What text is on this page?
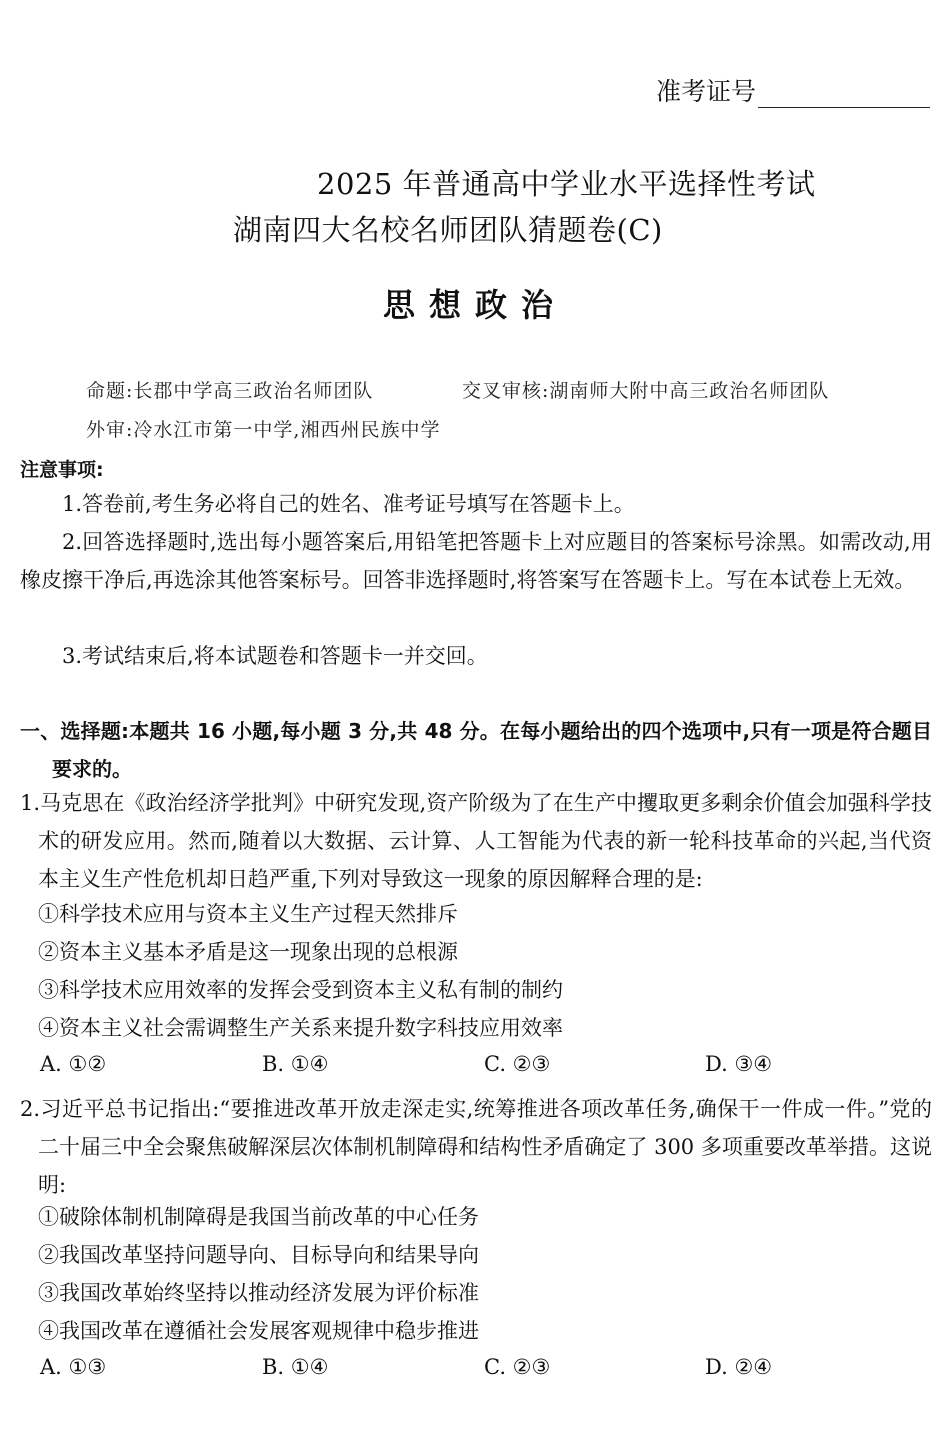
准考证号
2025 年普通高中学业水平选择性考试
湖南四大名校名师团队猜题卷(C)
思想政治
命题:长郡中学高三政治名师团队	交叉审核:湖南师大附中高三政治名师团队
外审:冷水江市第一中学,湘西州民族中学
注意事项:
1.答卷前,考生务必将自己的姓名、准考证号填写在答题卡上。
2.回答选择题时,选出每小题答案后,用铅笔把答题卡上对应题目的答案标号涂黑。如需改动,用橡皮擦干净后,再选涂其他答案标号。回答非选择题时,将答案写在答题卡上。写在本试卷上无效。
3.考试结束后,将本试题卷和答题卡一并交回。
一、选择题:本题共 16 小题,每小题 3 分,共 48 分。在每小题给出的四个选项中,只有一项是符合题目要求的。
1.马克思在《政治经济学批判》中研究发现,资产阶级为了在生产中攫取更多剩余价值会加强科学技术的研发应用。然而,随着以大数据、云计算、人工智能为代表的新一轮科技革命的兴起,当代资本主义生产性危机却日趋严重,下列对导致这一现象的原因解释合理的是:
①科学技术应用与资本主义生产过程天然排斥
②资本主义基本矛盾是这一现象出现的总根源
③科学技术应用效率的发挥会受到资本主义私有制的制约
④资本主义社会需调整生产关系来提升数字科技应用效率
A. ①②	B. ①④	C. ②③	D. ③④
2.习近平总书记指出:“要推进改革开放走深走实,统筹推进各项改革任务,确保干一件成一件。”党的二十届三中全会聚焦破解深层次体制机制障碍和结构性矛盾确定了 300 多项重要改革举措。这说明:
①破除体制机制障碍是我国当前改革的中心任务
②我国改革坚持问题导向、目标导向和结果导向
③我国改革始终坚持以推动经济发展为评价标准
④我国改革在遵循社会发展客观规律中稳步推进
A. ①③	B. ①④	C. ②③	D. ②④
